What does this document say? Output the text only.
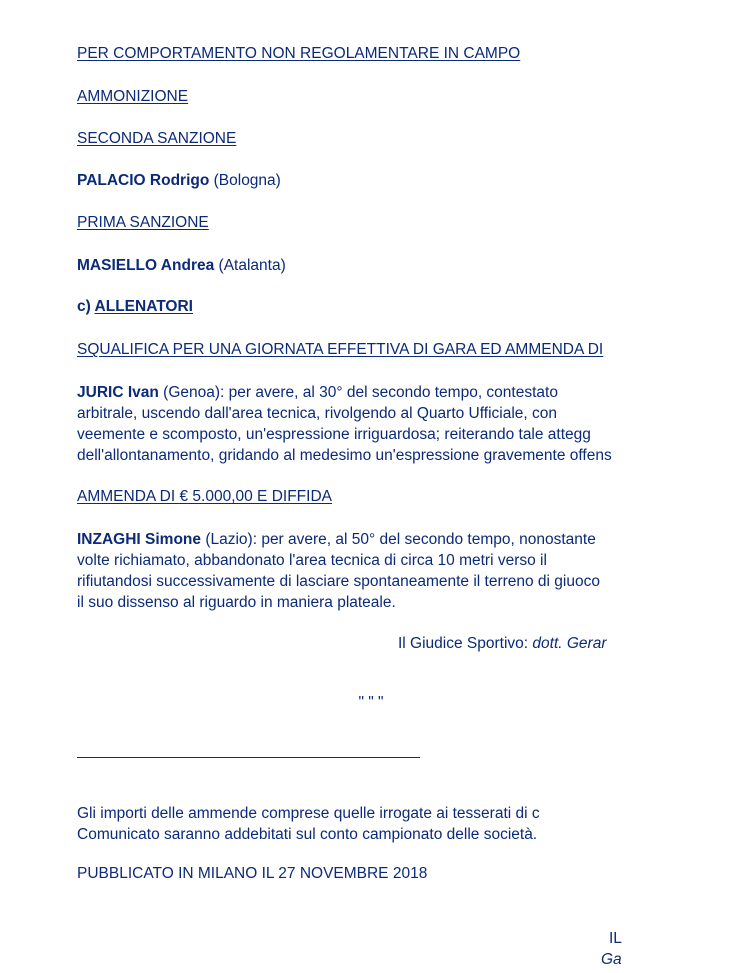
PER COMPORTAMENTO NON REGOLAMENTARE IN CAMPO
AMMONIZIONE
SECONDA SANZIONE
PALACIO Rodrigo (Bologna)
PRIMA SANZIONE
MASIELLO Andrea (Atalanta)
c) ALLENATORI
SQUALIFICA PER UNA GIORNATA EFFETTIVA DI GARA ED AMMENDA DI
JURIC Ivan (Genoa): per avere, al 30° del secondo tempo, contestato
arbitrale, uscendo dall'area tecnica, rivolgendo al Quarto Ufficiale, con
veemente e scomposto, un'espressione irriguardosa; reiterando tale attegg
dell'allontanamento, gridando al medesimo un'espressione gravemente offens
AMMENDA DI € 5.000,00 E DIFFIDA
INZAGHI Simone (Lazio): per avere, al 50° del secondo tempo, nonostante
volte richiamato, abbandonato l'area tecnica di circa 10 metri verso il
rifiutandosi successivamente di lasciare spontaneamente il terreno di giuoco
il suo dissenso al riguardo in maniera plateale.
Il Giudice Sportivo: dott. Gerar
" " "
Gli importi delle ammende comprese quelle irrogate ai tesserati di c
Comunicato saranno addebitati sul conto campionato delle società.
PUBBLICATO IN MILANO IL 27 NOVEMBRE 2018
IL
Ga
